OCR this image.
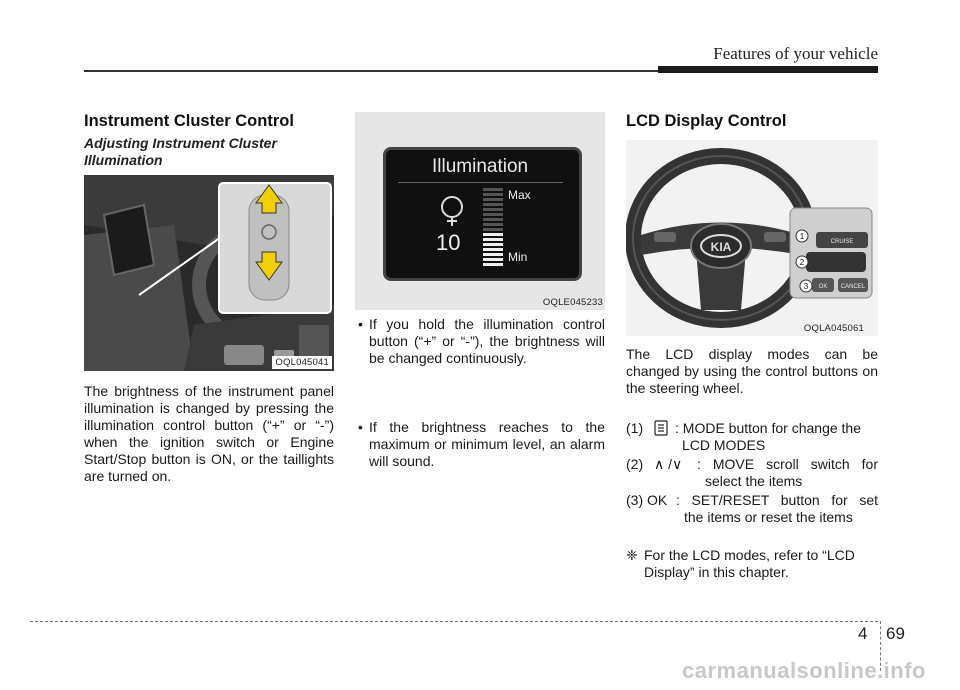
Features of your vehicle
Instrument Cluster Control
Adjusting Instrument Cluster Illumination
OQL045041
The brightness of the instrument panel illumination is changed by pressing the illumination control button (“+” or “-”) when the ignition switch or Engine Start/Stop button is ON, or the taillights are turned on.
Illumination
10
Max
Min
OQLE045233
• If you hold the illumination control button (“+” or “-”), the brightness will be changed continuously.
• If the brightness reaches to the maximum or minimum level, an alarm will sound.
LCD Display Control
KIA	CRUISE
OK CANCEL
1
2
3
OQLA045061
The LCD display modes can be changed by using the control buttons on the steering wheel.
(1) : MODE button for change the
LCD MODES
(2) ∧ /∨ : MOVE scroll switch for
select the items
(3) OK : SET/RESET button for set
the items or reset the items
❈ For the LCD modes, refer to “LCD Display” in this chapter.
4 69
carmanualsonline.info
